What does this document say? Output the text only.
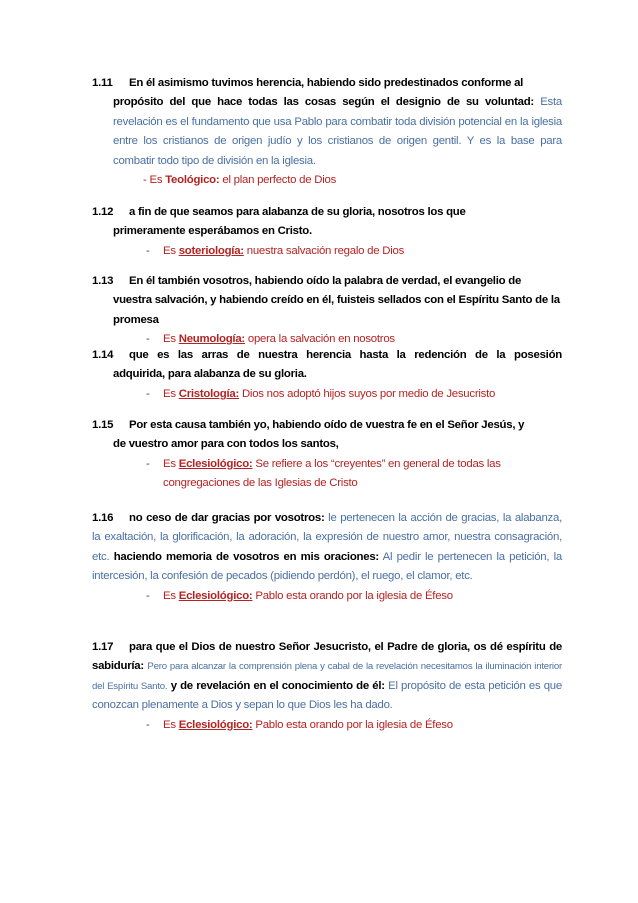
1.11 En él asimismo tuvimos herencia, habiendo sido predestinados conforme al
propósito del que hace todas las cosas según el designio de su voluntad: Esta revelación es el fundamento que usa Pablo para combatir toda división potencial en la iglesia entre los cristianos de origen judío y los cristianos de origen gentil. Y es la base para combatir todo tipo de división en la iglesia.
- Es Teológico: el plan perfecto de Dios
1.12 a fin de que seamos para alabanza de su gloria, nosotros los que
primeramente esperábamos en Cristo.
-	Es soteriología: nuestra salvación regalo de Dios
1.13 En él también vosotros, habiendo oído la palabra de verdad, el evangelio de
vuestra salvación, y habiendo creído en él, fuisteis sellados con el Espíritu Santo de la promesa
-	Es Neumología: opera la salvación en nosotros
1.14 que es las arras de nuestra herencia hasta la redención de la posesión
adquirida, para alabanza de su gloria.
-	Es Cristología: Dios nos adoptó hijos suyos por medio de Jesucristo
1.15 Por esta causa también yo, habiendo oído de vuestra fe en el Señor Jesús, y
de vuestro amor para con todos los santos,
-	Es Eclesiológico: Se refiere a los “creyentes” en general de todas las congregaciones de las Iglesias de Cristo
1.16 no ceso de dar gracias por vosotros: le pertenecen la acción de gracias, la alabanza, la exaltación, la glorificación, la adoración, la expresión de nuestro amor, nuestra consagración, etc. haciendo memoria de vosotros en mis oraciones: Al pedir le pertenecen la petición, la intercesión, la confesión de pecados (pidiendo perdón), el ruego, el clamor, etc.
-	Es Eclesiológico: Pablo esta orando por la iglesia de Éfeso
1.17 para que el Dios de nuestro Señor Jesucristo, el Padre de gloria, os dé espíritu de sabiduría: Pero para alcanzar la comprensión plena y cabal de la revelación necesitamos la iluminación interior del Espíritu Santo. y de revelación en el conocimiento de él: El propósito de esta petición es que conozcan plenamente a Dios y sepan lo que Dios les ha dado.
-	Es Eclesiológico: Pablo esta orando por la iglesia de Éfeso
